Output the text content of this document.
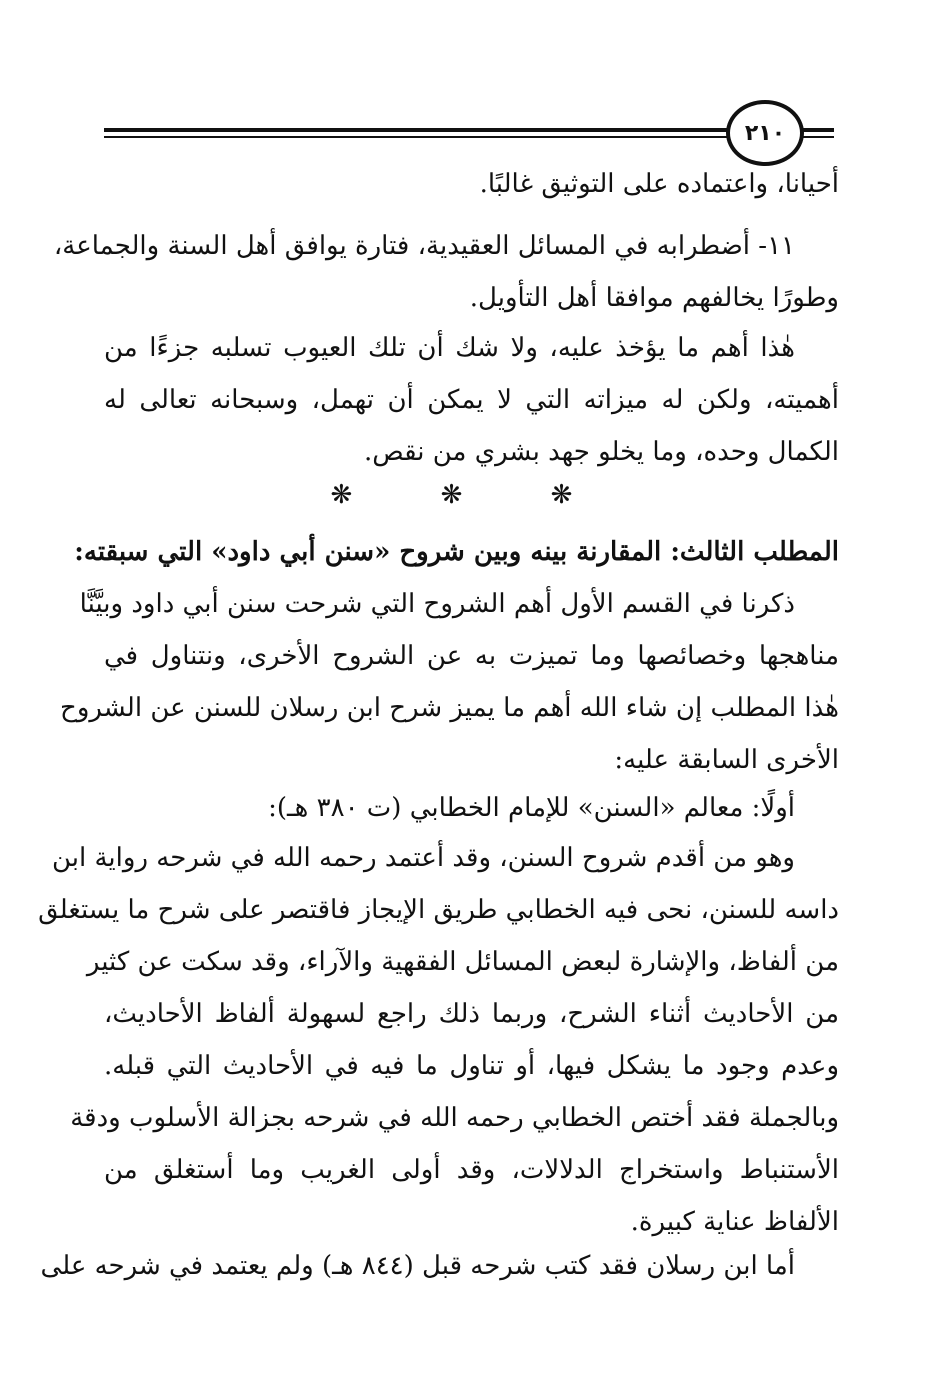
٢١٠
أحيانا، واعتماده على التوثيق غالبًا.
١١- أضطرابه في المسائل العقيدية، فتارة يوافق أهل السنة والجماعة،
وطورًا يخالفهم موافقا أهل التأويل.
هٰذا أهم ما يؤخذ عليه، ولا شك أن تلك العيوب تسلبه جزءًا من
أهميته، ولكن له ميزاته التي لا يمكن أن تهمل، وسبحانه تعالى له
الكمال وحده، وما يخلو جهد بشري من نقص.
❋ ❋ ❋
المطلب الثالث: المقارنة بينه وبين شروح «سنن أبي داود» التي سبقته:
ذكرنا في القسم الأول أهم الشروح التي شرحت سنن أبي داود وبيَّنَّا
مناهجها وخصائصها وما تميزت به عن الشروح الأخرى، ونتناول في
هٰذا المطلب إن شاء الله أهم ما يميز شرح ابن رسلان للسنن عن الشروح
الأخرى السابقة عليه:
أولًا: معالم «السنن» للإمام الخطابي (ت ٣٨٠ هـ):
وهو من أقدم شروح السنن، وقد أعتمد رحمه الله في شرحه رواية ابن
داسه للسنن، نحى فيه الخطابي طريق الإيجاز فاقتصر على شرح ما يستغلق
من ألفاظ، والإشارة لبعض المسائل الفقهية والآراء، وقد سكت عن كثير
من الأحاديث أثناء الشرح، وربما ذلك راجع لسهولة ألفاظ الأحاديث،
وعدم وجود ما يشكل فيها، أو تناول ما فيه في الأحاديث التي قبله.
وبالجملة فقد أختص الخطابي رحمه الله في شرحه بجزالة الأسلوب ودقة
الأستنباط واستخراج الدلالات، وقد أولى الغريب وما أستغلق من
الألفاظ عناية كبيرة.
أما ابن رسلان فقد كتب شرحه قبل (٨٤٤ هـ) ولم يعتمد في شرحه على
